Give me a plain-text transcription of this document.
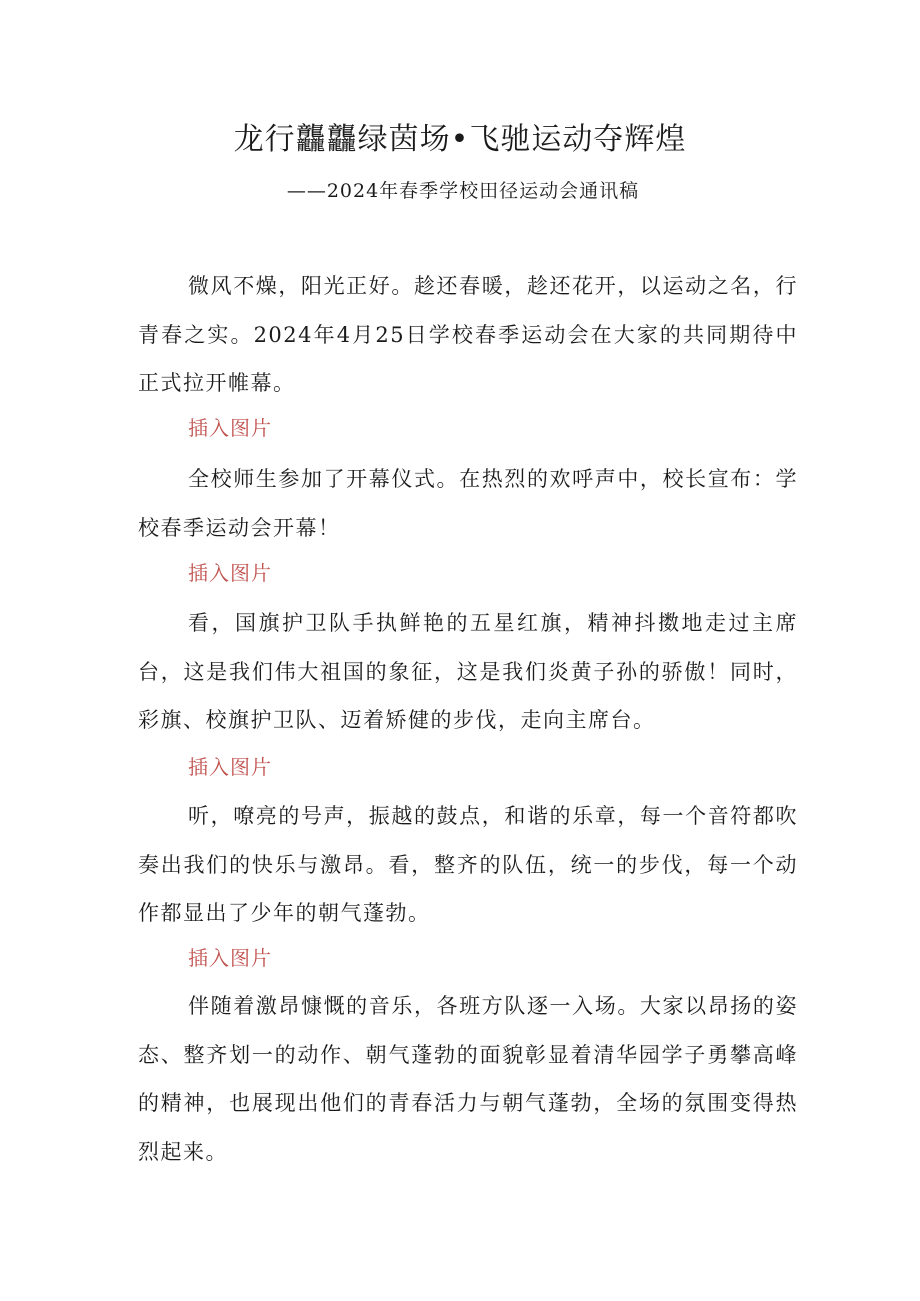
龙行龘龘绿茵场•飞驰运动夺辉煌
——2024年春季学校田径运动会通讯稿

微风不燥，阳光正好。趁还春暖，趁还花开，以运动之名，行青春之实。2024年4月25日学校春季运动会在大家的共同期待中正式拉开帷幕。

插入图片

全校师生参加了开幕仪式。在热烈的欢呼声中，校长宣布：学校春季运动会开幕！

插入图片

看，国旗护卫队手执鲜艳的五星红旗，精神抖擞地走过主席台，这是我们伟大祖国的象征，这是我们炎黄子孙的骄傲！同时，彩旗、校旗护卫队、迈着矫健的步伐，走向主席台。

插入图片

听，嘹亮的号声，振越的鼓点，和谐的乐章，每一个音符都吹奏出我们的快乐与激昂。看，整齐的队伍，统一的步伐，每一个动作都显出了少年的朝气蓬勃。

插入图片

伴随着激昂慷慨的音乐，各班方队逐一入场。大家以昂扬的姿态、整齐划一的动作、朝气蓬勃的面貌彰显着清华园学子勇攀高峰的精神，也展现出他们的青春活力与朝气蓬勃，全场的氛围变得热烈起来。
